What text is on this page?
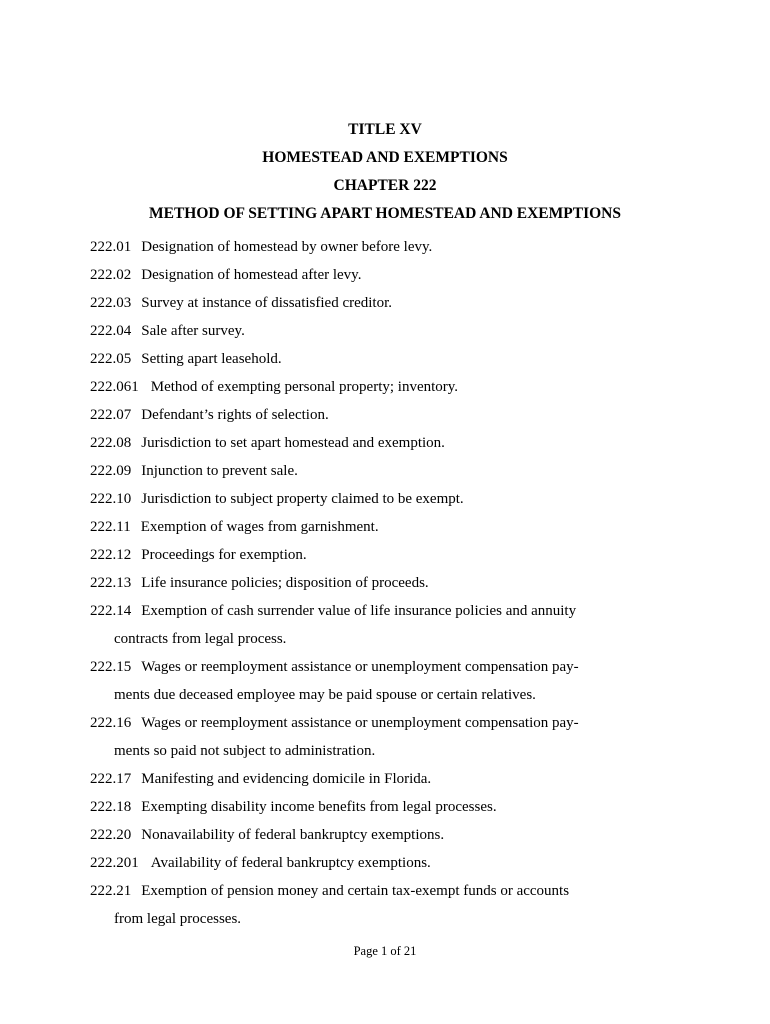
TITLE XV
HOMESTEAD AND EXEMPTIONS
CHAPTER 222
METHOD OF SETTING APART HOMESTEAD AND EXEMPTIONS
222.01 Designation of homestead by owner before levy.
222.02 Designation of homestead after levy.
222.03 Survey at instance of dissatisfied creditor.
222.04 Sale after survey.
222.05 Setting apart leasehold.
222.061 Method of exempting personal property; inventory.
222.07 Defendant’s rights of selection.
222.08 Jurisdiction to set apart homestead and exemption.
222.09 Injunction to prevent sale.
222.10 Jurisdiction to subject property claimed to be exempt.
222.11 Exemption of wages from garnishment.
222.12 Proceedings for exemption.
222.13 Life insurance policies; disposition of proceeds.
222.14 Exemption of cash surrender value of life insurance policies and annuity
contracts from legal process.
222.15 Wages or reemployment assistance or unemployment compensation pay-
ments due deceased employee may be paid spouse or certain relatives.
222.16 Wages or reemployment assistance or unemployment compensation pay-
ments so paid not subject to administration.
222.17 Manifesting and evidencing domicile in Florida.
222.18 Exempting disability income benefits from legal processes.
222.20 Nonavailability of federal bankruptcy exemptions.
222.201 Availability of federal bankruptcy exemptions.
222.21 Exemption of pension money and certain tax-exempt funds or accounts
from legal processes.
Page 1 of 21
